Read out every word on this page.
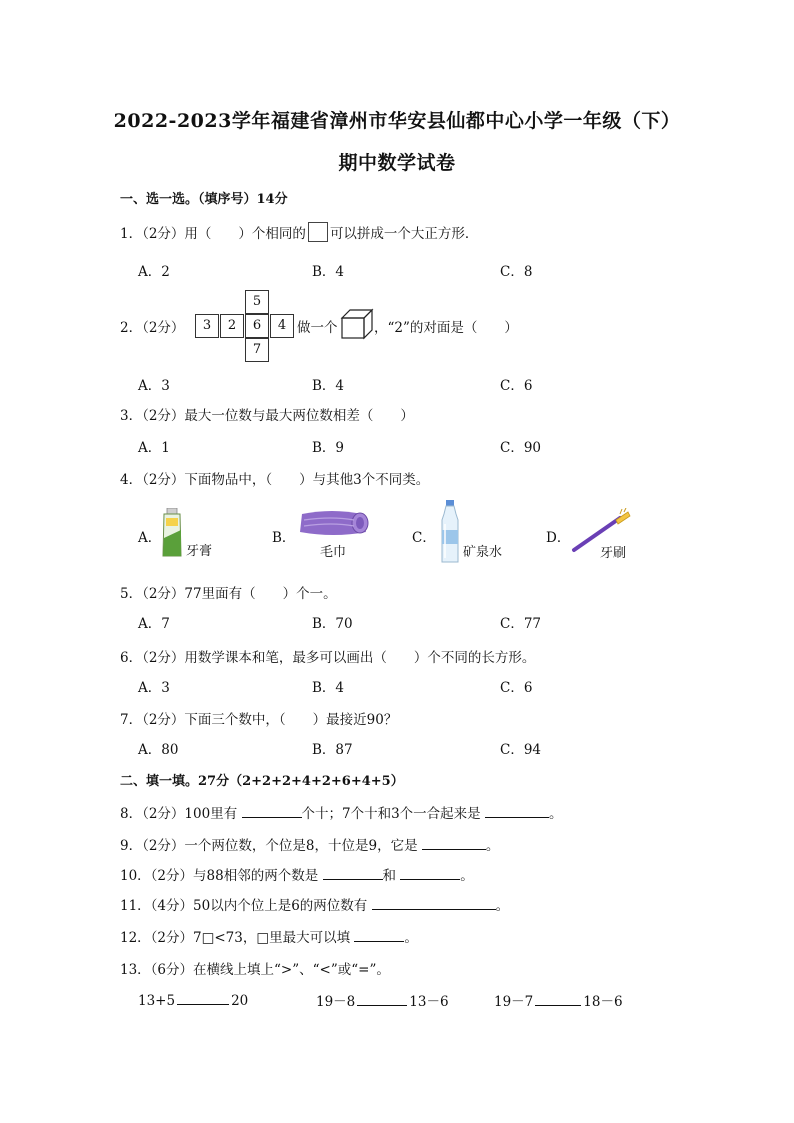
2022-2023学年福建省漳州市华安县仙都中心小学一年级（下）
期中数学试卷
一、选一选。（填序号）14分
1．（2分）用（　　）个相同的 可以拼成一个大正方形．
A．2	B．4	C．8
2．（2分）
5
3	2	6	4
7
做一个	，“2”的对面是（　　）
A．3	B．4	C．6
3．（2分）最大一位数与最大两位数相差（　　）
A．1	B．9	C．90
4．（2分）下面物品中，（　　）与其他3个不同类。
A．
牙膏
B．
毛巾
C．
矿泉水
D．
牙刷
5．（2分）77里面有（　　）个一。
A．7	B．70	C．77
6．（2分）用数学课本和笔，最多可以画出（　　）个不同的长方形。
A．3	B．4	C．6
7．（2分）下面三个数中，（　　）最接近90？
A．80	B．87	C．94
二、填一填。27分（2+2+2+4+2+6+4+5）
8．（2分）100里有	个十；7个十和3个一合起来是	。
9．（2分）一个两位数，个位是8，十位是9，它是	。
10．（2分）与88相邻的两个数是	和	。
11．（4分）50以内个位上是6的两位数有	。
12．（2分）7□<73，□里最大可以填	。
13．（6分）在横线上填上“>”、“<”或“=”。
13+5	20	19－8	13－6	19－7	18－6
